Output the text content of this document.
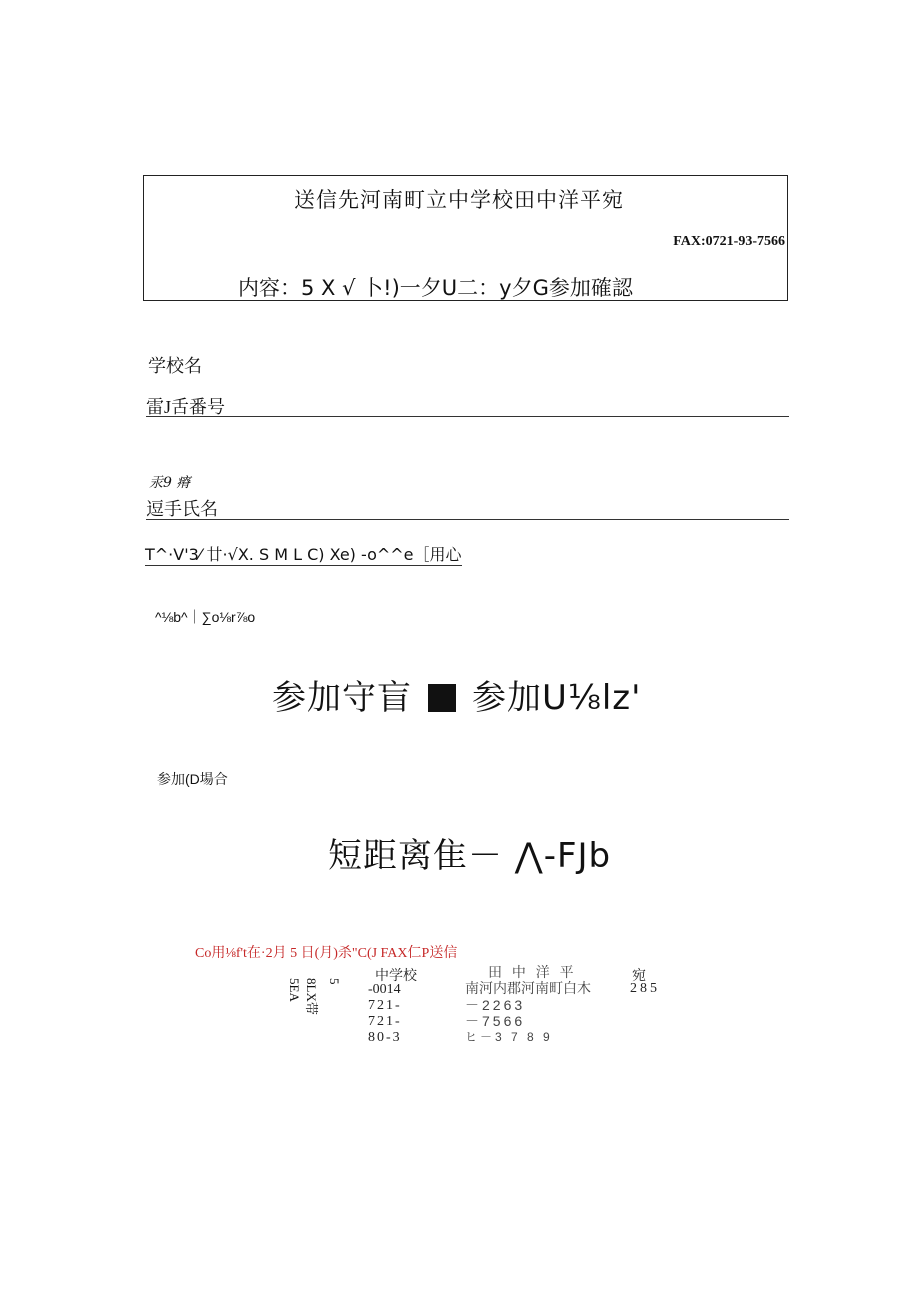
送信先河南町立中学校田中洋平宛
FAX:0721-93-7566
内容：5 X √ 卜!)一夕U二：y夕G参加確認
学校名
雷J舌番号
汞9 瘠
逗手氏名
T^·V'3⁄ 廿·√X. S M L C) Xe) -o^^e［用心
^⅛b^｜∑o⅛r⅞o
参加守盲 参加U⅛lz'
参加(D場合
短距离隹－ ⋀-FJb
Co用⅛f't在·2月 5 日(月)杀"C(J FAX仁P送信
中学校	田 中 洋 平	宛
-0014	南河内郡河南町白木	285
721-	－2263
721-	－7566
80-3	ヒ－3 7 8 9
5EA 8LX带 5
